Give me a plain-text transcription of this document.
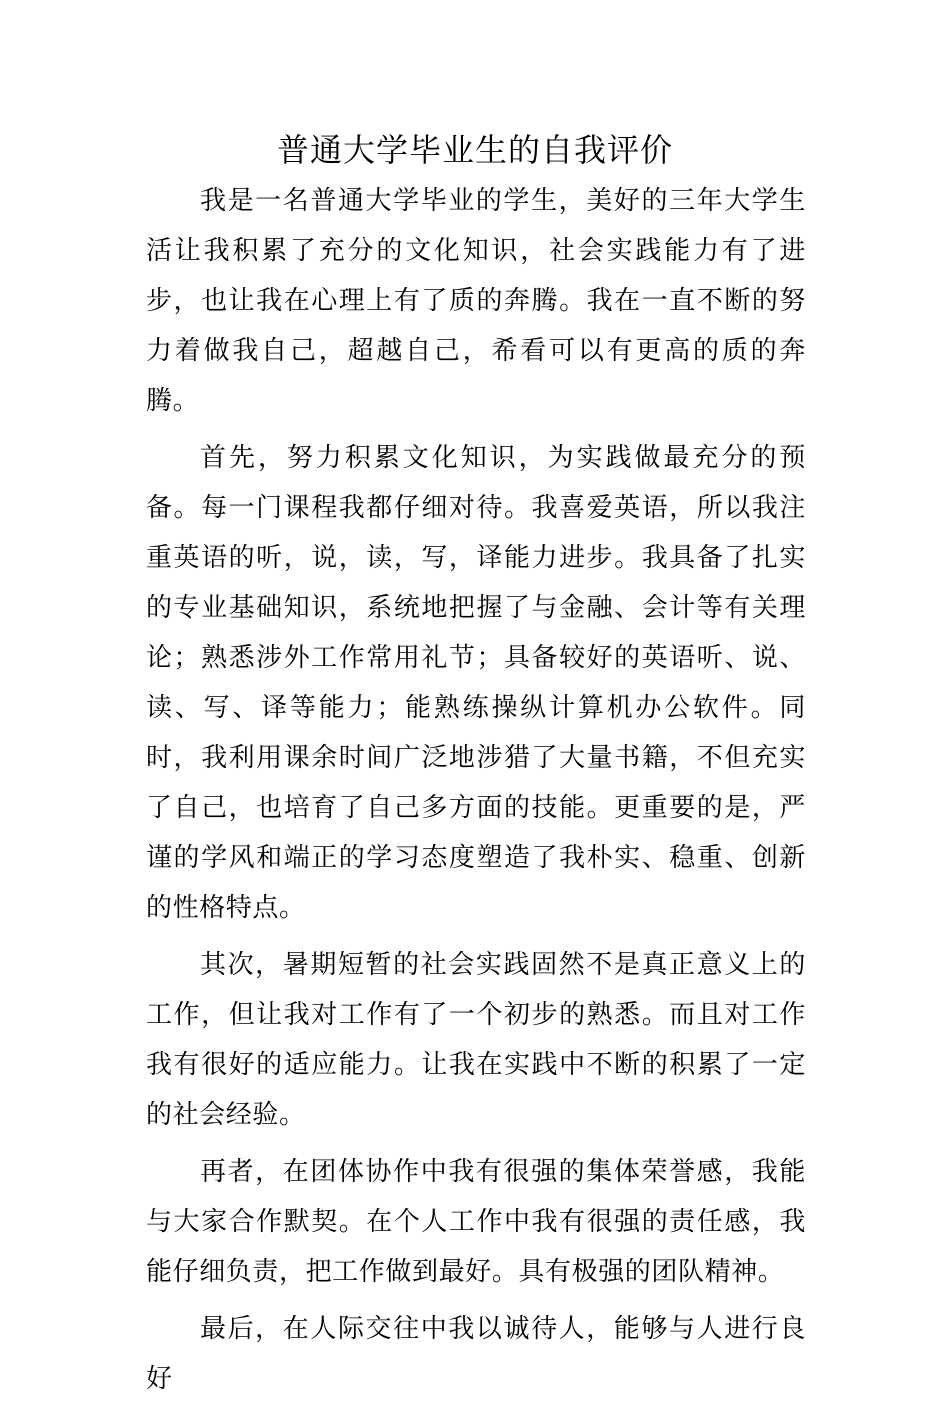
普通大学毕业生的自我评价

我是一名普通大学毕业的学生，美好的三年大学生活让我积累了充分的文化知识，社会实践能力有了进步，也让我在心理上有了质的奔腾。我在一直不断的努力着做我自己，超越自己，希看可以有更高的质的奔腾。

首先，努力积累文化知识，为实践做最充分的预备。每一门课程我都仔细对待。我喜爱英语，所以我注重英语的听，说，读，写，译能力进步。我具备了扎实的专业基础知识，系统地把握了与金融、会计等有关理论；熟悉涉外工作常用礼节；具备较好的英语听、说、读、写、译等能力；能熟练操纵计算机办公软件。同时，我利用课余时间广泛地涉猎了大量书籍，不但充实了自己，也培育了自己多方面的技能。更重要的是，严谨的学风和端正的学习态度塑造了我朴实、稳重、创新的性格特点。

其次，暑期短暂的社会实践固然不是真正意义上的工作，但让我对工作有了一个初步的熟悉。而且对工作我有很好的适应能力。让我在实践中不断的积累了一定的社会经验。

再者，在团体协作中我有很强的集体荣誉感，我能与大家合作默契。在个人工作中我有很强的责任感，我能仔细负责，把工作做到最好。具有极强的团队精神。

最后，在人际交往中我以诚待人，能够与人进行良好
